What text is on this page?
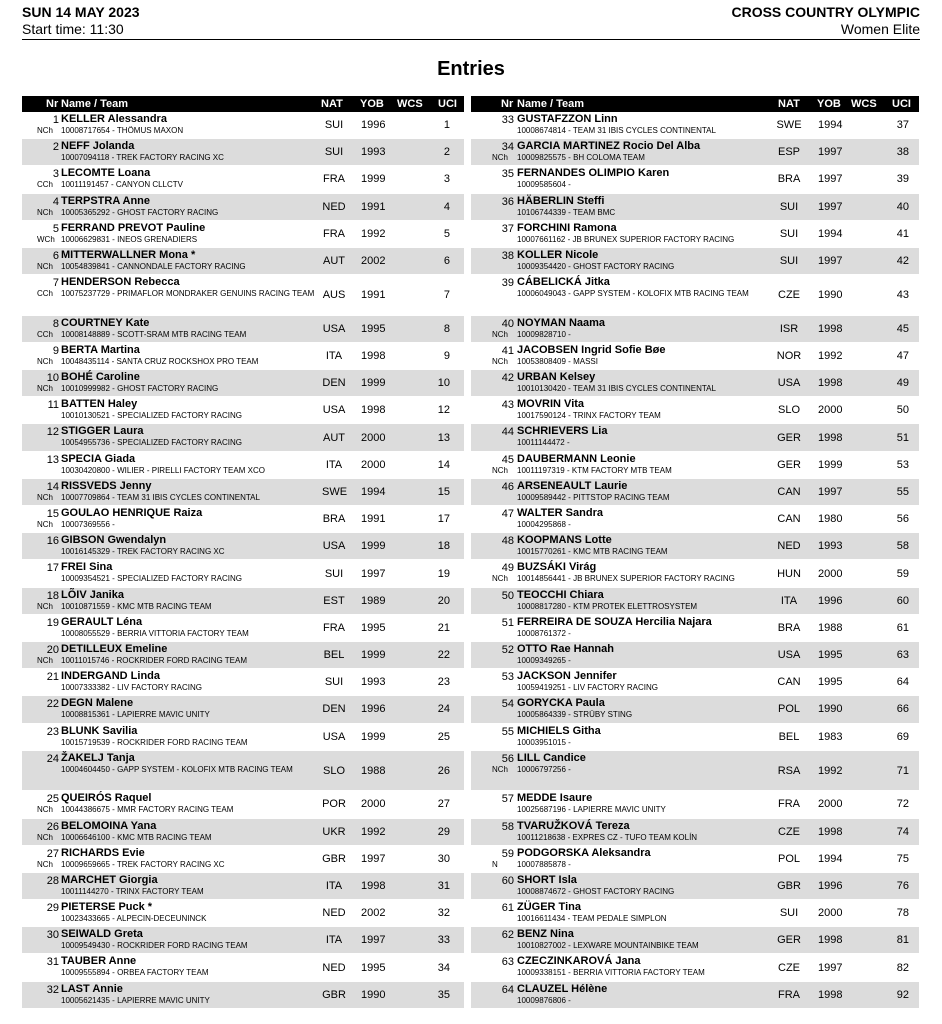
SUN 14 MAY 2023
Start time: 11:30
CROSS COUNTRY OLYMPIC
Women Elite
Entries
Nr Name / Team	NAT YOB WCS UCI
1 KELLER Alessandra
NCh 10008717654 - THÖMUS MAXON	SUI 1996	1
2 NEFF Jolanda
10007094118 - TREK FACTORY RACING XC	SUI 1993	2
3 LECOMTE Loana
CCh 10011191457 - CANYON CLLCTV	FRA 1999	3
4 TERPSTRA Anne
NCh 10005365292 - GHOST FACTORY RACING	NED 1991	4
5 FERRAND PREVOT Pauline
WCh 10006629831 - INEOS GRENADIERS	FRA 1992	5
6 MITTERWALLNER Mona *
NCh 10054839841 - CANNONDALE FACTORY RACING	AUT 2002	6
7 HENDERSON Rebecca
CCh 10075237729 - PRIMAFLOR MONDRAKER GENUINS RACING TEAM AUS 1991	7
8 COURTNEY Kate
CCh 10008148889 - SCOTT-SRAM MTB RACING TEAM	USA 1995	8
9 BERTA Martina
NCh 10048435114 - SANTA CRUZ ROCKSHOX PRO TEAM	ITA	1998	9
10 BOHÉ Caroline
NCh 10010999982 - GHOST FACTORY RACING	DEN 1999	10
11 BATTEN Haley
10010130521 - SPECIALIZED FACTORY RACING	USA 1998	12
12 STIGGER Laura
10054955736 - SPECIALIZED FACTORY RACING	AUT 2000	13
13 SPECIA Giada
10030420800 - WILIER - PIRELLI FACTORY TEAM XCO	ITA	2000	14
14 RISSVEDS Jenny
NCh 10007709864 - TEAM 31 IBIS CYCLES CONTINENTAL	SWE 1994	15
15 GOULAO HENRIQUE Raiza
NCh 10007369556 -	BRA 1991	17
16 GIBSON Gwendalyn
10016145329 - TREK FACTORY RACING XC	USA 1999	18
17 FREI Sina
10009354521 - SPECIALIZED FACTORY RACING	SUI 1997	19
18 LÕIV Janika
NCh 10010871559 - KMC MTB RACING TEAM	EST 1989	20
19 GERAULT Léna
10008055529 - BERRIA VITTORIA FACTORY TEAM	FRA 1995	21
20 DETILLEUX Emeline
NCh 10011015746 - ROCKRIDER FORD RACING TEAM	BEL 1999	22
21 INDERGAND Linda
10007333382 - LIV FACTORY RACING	SUI 1993	23
22 DEGN Malene
10008815361 - LAPIERRE MAVIC UNITY	DEN 1996	24
23 BLUNK Savilia
10015719539 - ROCKRIDER FORD RACING TEAM	USA 1999	25
24 ŽAKELJ Tanja
10004604450 - GAPP SYSTEM - KOLOFIX MTB RACING TEAM	SLO 1988	26
25 QUEIRÓS Raquel
NCh 10044386675 - MMR FACTORY RACING TEAM	POR 2000	27
26 BELOMOINA Yana
NCh 10006646100 - KMC MTB RACING TEAM	UKR 1992	29
27 RICHARDS Evie
NCh 10009659665 - TREK FACTORY RACING XC	GBR 1997	30
28 MARCHET Giorgia
10011144270 - TRINX FACTORY TEAM	ITA	1998	31
29 PIETERSE Puck *
10023433665 - ALPECIN-DECEUNINCK	NED 2002	32
30 SEIWALD Greta
10009549430 - ROCKRIDER FORD RACING TEAM	ITA	1997	33
31 TAUBER Anne
10009555894 - ORBEA FACTORY TEAM	NED 1995	34
32 LAST Annie
10005621435 - LAPIERRE MAVIC UNITY	GBR 1990	35
Nr Name / Team	NAT YOB WCS UCI
33 GUSTAFZZON Linn
10008674814 - TEAM 31 IBIS CYCLES CONTINENTAL	SWE 1994	37
34 GARCIA MARTINEZ Rocio Del Alba
NCh 10009825575 - BH COLOMA TEAM	ESP 1997	38
35 FERNANDES OLIMPIO Karen
10009585604 -	BRA 1997	39
36 HÄBERLIN Steffi
10106744339 - TEAM BMC	SUI	1997	40
37 FORCHINI Ramona
10007661162 - JB BRUNEX SUPERIOR FACTORY RACING	SUI	1994	41
38 KOLLER Nicole
10009354420 - GHOST FACTORY RACING	SUI	1997	42
39 CÁBELICKÁ Jitka
10006049043 - GAPP SYSTEM - KOLOFIX MTB RACING TEAM	CZE 1990	43
40 NOYMAN Naama
NCh 10009828710 -	ISR	1998	45
41 JACOBSEN Ingrid Sofie Bøe
NCh 10053808409 - MASSI	NOR 1992	47
42 URBAN Kelsey
10010130420 - TEAM 31 IBIS CYCLES CONTINENTAL	USA 1998	49
43 MOVRIN Vita
10017590124 - TRINX FACTORY TEAM	SLO 2000	50
44 SCHRIEVERS Lia
10011144472 -	GER 1998	51
45 DAUBERMANN Leonie
NCh 10011197319 - KTM FACTORY MTB TEAM	GER 1999	53
46 ARSENEAULT Laurie
10009589442 - PITTSTOP RACING TEAM	CAN 1997	55
47 WALTER Sandra
10004295868 -	CAN 1980	56
48 KOOPMANS Lotte
10015770261 - KMC MTB RACING TEAM	NED 1993	58
49 BUZSÁKI Virág
NCh 10014856441 - JB BRUNEX SUPERIOR FACTORY RACING	HUN 2000	59
50 TEOCCHI Chiara
10008817280 - KTM PROTEK ELETTROSYSTEM	ITA	1996	60
51 FERREIRA DE SOUZA Hercilia Najara
10008761372 -	BRA 1988	61
52 OTTO Rae Hannah
10009349265 -	USA 1995	63
53 JACKSON Jennifer
10059419251 - LIV FACTORY RACING	CAN 1995	64
54 GORYCKA Paula
10005864339 - STRÜBY STING	POL 1990	66
55 MICHIELS Githa
10003951015 -	BEL 1983	69
56 LILL Candice
NCh 10006797256 -	RSA 1992	71
57 MEDDE Isaure
10025687196 - LAPIERRE MAVIC UNITY	FRA 2000	72
58 TVARUŽKOVÁ Tereza
10011218638 - EXPRES CZ - TUFO TEAM KOLÍN	CZE 1998	74
59 PODGORSKA Aleksandra
N 10007885878 -	POL 1994	75
60 SHORT Isla
10008874672 - GHOST FACTORY RACING	GBR 1996	76
61 ZÜGER Tina
10016611434 - TEAM PEDALE SIMPLON	SUI	2000	78
62 BENZ Nina
10010827002 - LEXWARE MOUNTAINBIKE TEAM	GER 1998	81
63 CZECZINKAROVÁ Jana
10009338151 - BERRIA VITTORIA FACTORY TEAM	CZE 1997	82
64 CLAUZEL Hélène
10009876806 -	FRA 1998	92
